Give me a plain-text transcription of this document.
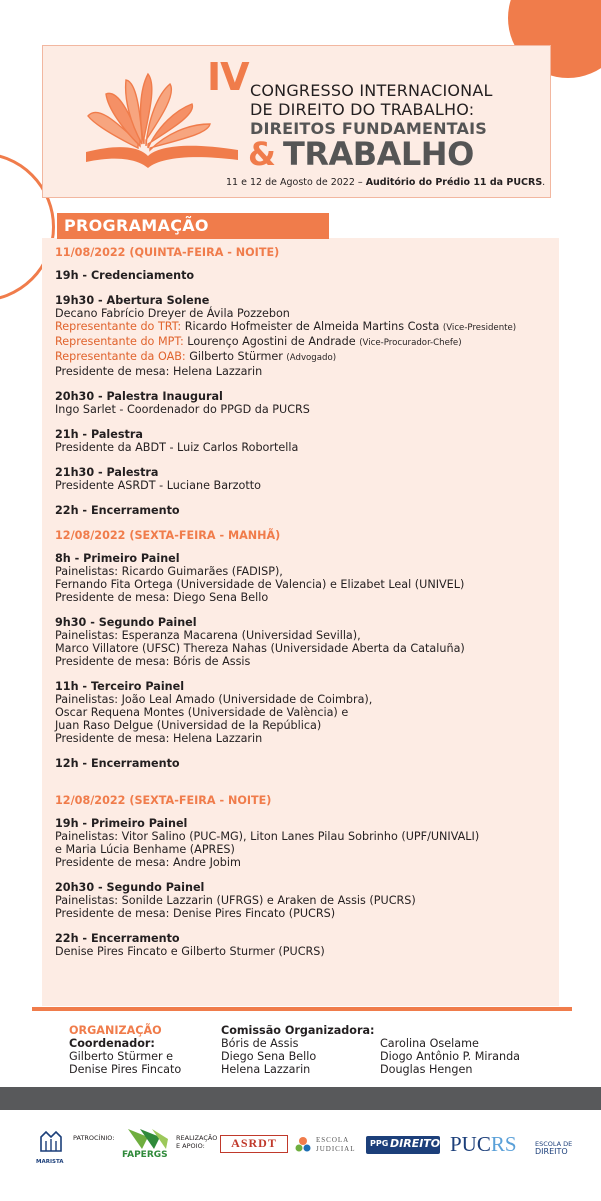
IV CONGRESSO INTERNACIONAL
DE DIREITO DO TRABALHO:
DIREITOS FUNDAMENTAIS
& TRABALHO
11 e 12 de Agosto de 2022 – Auditório do Prédio 11 da PUCRS.
PROGRAMAÇÃO
11/08/2022 (QUINTA-FEIRA - NOITE)
19h - Credenciamento
19h30 - Abertura Solene
Decano Fabrício Dreyer de Ávila Pozzebon
Representante do TRT: Ricardo Hofmeister de Almeida Martins Costa (Vice-Presidente)
Representante do MPT: Lourenço Agostini de Andrade (Vice-Procurador-Chefe)
Representante da OAB: Gilberto Stürmer (Advogado)
Presidente de mesa: Helena Lazzarin
20h30 - Palestra Inaugural
Ingo Sarlet - Coordenador do PPGD da PUCRS
21h - Palestra
Presidente da ABDT - Luiz Carlos Robortella
21h30 - Palestra
Presidente ASRDT - Luciane Barzotto
22h - Encerramento
12/08/2022 (SEXTA-FEIRA - MANHÃ)
8h - Primeiro Painel
Painelistas: Ricardo Guimarães (FADISP),
Fernando Fita Ortega (Universidade de Valencia) e Elizabet Leal (UNIVEL)
Presidente de mesa: Diego Sena Bello
9h30 - Segundo Painel
Painelistas: Esperanza Macarena (Universidad Sevilla),
Marco Villatore (UFSC) Thereza Nahas (Universidade Aberta da Cataluña)
Presidente de mesa: Bóris de Assis
11h - Terceiro Painel
Painelistas: João Leal Amado (Universidade de Coimbra),
Oscar Requena Montes (Universidade de València) e
Juan Raso Delgue (Universidad de la República)
Presidente de mesa: Helena Lazzarin
12h - Encerramento
12/08/2022 (SEXTA-FEIRA - NOITE)
19h - Primeiro Painel
Painelistas: Vitor Salino (PUC-MG), Liton Lanes Pilau Sobrinho (UPF/UNIVALI)
e Maria Lúcia Benhame (APRES)
Presidente de mesa: Andre Jobim
20h30 - Segundo Painel
Painelistas: Sonilde Lazzarin (UFRGS) e Araken de Assis (PUCRS)
Presidente de mesa: Denise Pires Fincato (PUCRS)
22h - Encerramento
Denise Pires Fincato e Gilberto Sturmer (PUCRS)
ORGANIZAÇÃO
Coordenador:
Gilberto Stürmer e
Denise Pires Fincato
Comissão Organizadora:
Bóris de Assis
Diego Sena Bello
Helena Lazzarin
Carolina Oselame
Diogo Antônio P. Miranda
Douglas Hengen
MARISTA
PATROCÍNIO:
FAPERGS
REALIZAÇÃO
E APOIO:	ASRDT	ESCOLA
JUDICIAL
PPG DIREITO PUCRS	ESCOLA DE
DIREITO
